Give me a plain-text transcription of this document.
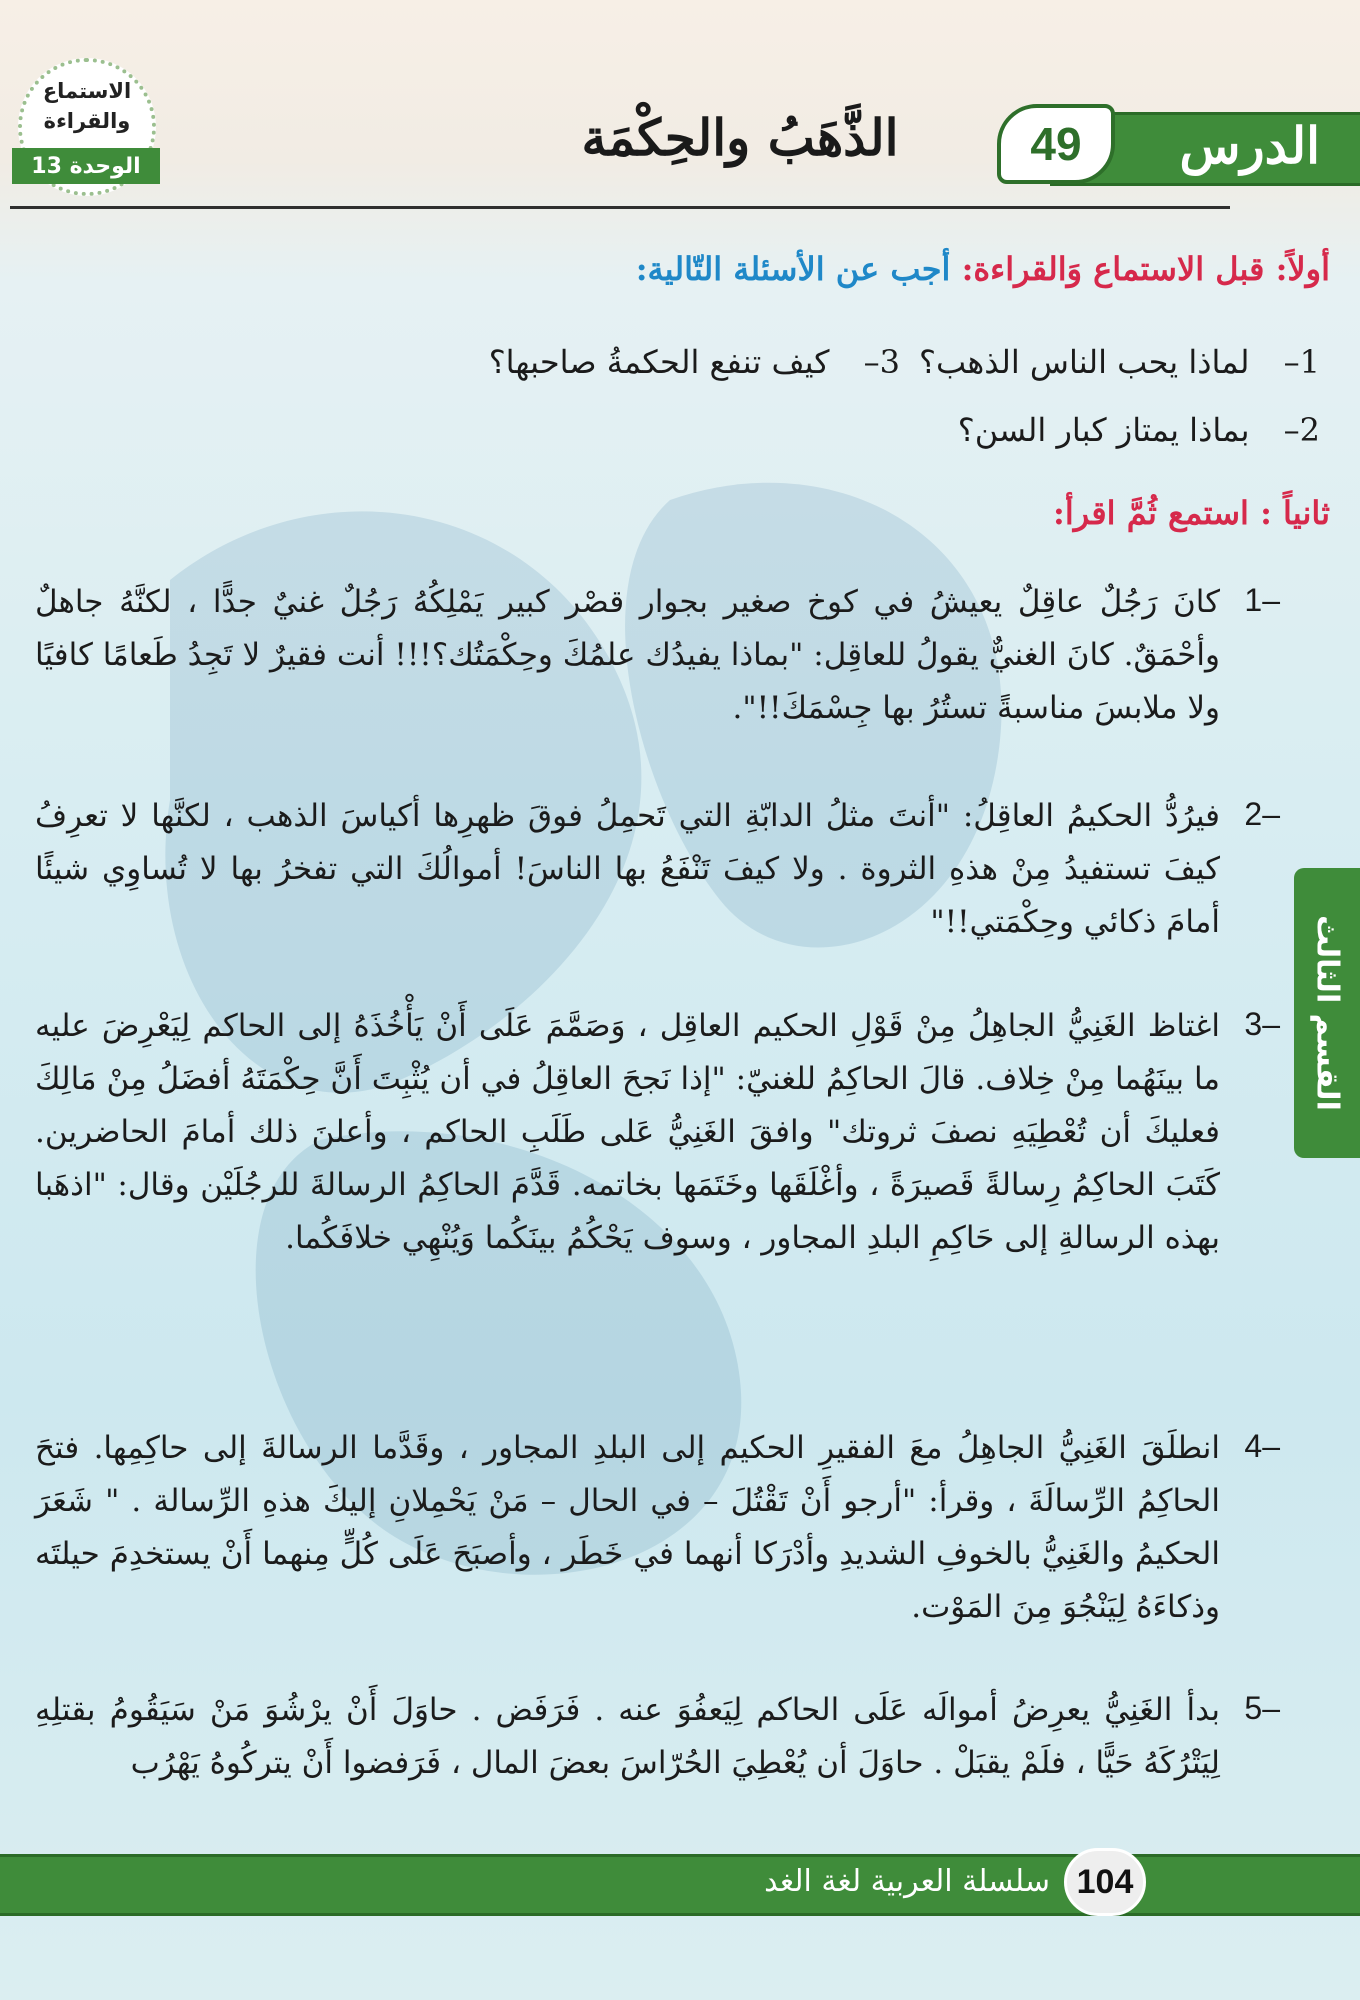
الدرس
49
الذَّهَبُ والحِكْمَة
الاستماع
والقراءة
الوحدة 13
القسم الثالث

أولاً: قبل الاستماع وَالقراءة: أجب عن الأسئلة التّالية:

1– لماذا يحب الناس الذهب؟
3– كيف تنفع الحكمةُ صاحبها؟
2– بماذا يمتاز كبار السن؟

ثانياً : استمع ثُمَّ اقرأ:

1–
كانَ رَجُلٌ عاقِلٌ يعيشُ في كوخ صغير بجوار قصْر كبير يَمْلِكُهُ رَجُلٌ غنيٌ جدًّا ، لكنَّهُ جاهلٌ وأحْمَقٌ. كانَ الغنيٌّ يقولُ للعاقِل: "بماذا يفيدُك علمُكَ وحِكْمَتُك؟!!! أنت فقيرٌ لا تَجِدُ طَعامًا كافيًا ولا ملابسَ مناسبةً تستُرُ بها جِسْمَكَ!!".
2–
فيرُدُّ الحكيمُ العاقِلُ: "أنتَ مثلُ الدابّةِ التي تَحمِلُ فوقَ ظهرِها أكياسَ الذهب ، لكنَّها لا تعرِفُ كيفَ تستفيدُ مِنْ هذهِ الثروة . ولا كيفَ تَنْفَعُ بها الناسَ! أموالُكَ التي تفخرُ بها لا تُساوِي شيئًا أمامَ ذكائي وحِكْمَتي!!"
3–
اغتاظ الغَنِيُّ الجاهِلُ مِنْ قَوْلِ الحكيم العاقِل ، وَصَمَّمَ عَلَى أَنْ يَأْخُذَهُ إلى الحاكم لِيَعْرِضَ عليه ما بينَهُما مِنْ خِلاف. قالَ الحاكِمُ للغنيّ: "إذا نَجحَ العاقِلُ في أن يُثْبِتَ أَنَّ حِكْمَتَهُ أفضَلُ مِنْ مَالِكَ فعليكَ أن تُعْطِيَهِ نصفَ ثروتك" وافقَ الغَنِيُّ عَلى طَلَبِ الحاكم ، وأعلنَ ذلك أمامَ الحاضرين. كَتَبَ الحاكِمُ رِسالةً قَصيرَةً ، وأغْلَقَها وخَتَمَها بخاتمه. قَدَّمَ الحاكِمُ الرسالةَ للرجُلَيْن وقال: "اذهَبا بهذه الرسالةِ إلى حَاكِمِ البلدِ المجاور ، وسوف يَحْكُمُ بينَكُما وَيُنْهِي خلافَكُما.
4–
انطلَقَ الغَنِيُّ الجاهِلُ معَ الفقيرِ الحكيم إلى البلدِ المجاور ، وقَدَّما الرسالةَ إلى حاكِمِها. فتحَ الحاكِمُ الرِّسالَةَ ، وقرأ: "أرجو أَنْ تَقْتُلَ – في الحال – مَنْ يَحْمِلانِ إليكَ هذهِ الرِّسالة . " شَعَرَ الحكيمُ والغَنِيُّ بالخوفِ الشديدِ وأدْرَكا أنهما في خَطَر ، وأصبَحَ عَلَى كُلٍّ مِنهما أَنْ يستخدِمَ حيلتَه وذكاءَهُ لِيَنْجُوَ مِنَ المَوْت.
5–
بدأ الغَنِيُّ يعرِضُ أموالَه عَلَى الحاكم لِيَعفُوَ عنه . فَرَفَض . حاوَلَ أَنْ يرْشُوَ مَنْ سَيَقُومُ بقتلِهِ لِيَتْرُكَهُ حَيًّا ، فلَمْ يقبَلْ . حاوَلَ أن يُعْطِيَ الحُرّاسَ بعضَ المال ، فَرَفضوا أَنْ يتركُوهُ يَهْرُب
سلسلة العربية لغة الغد 104
